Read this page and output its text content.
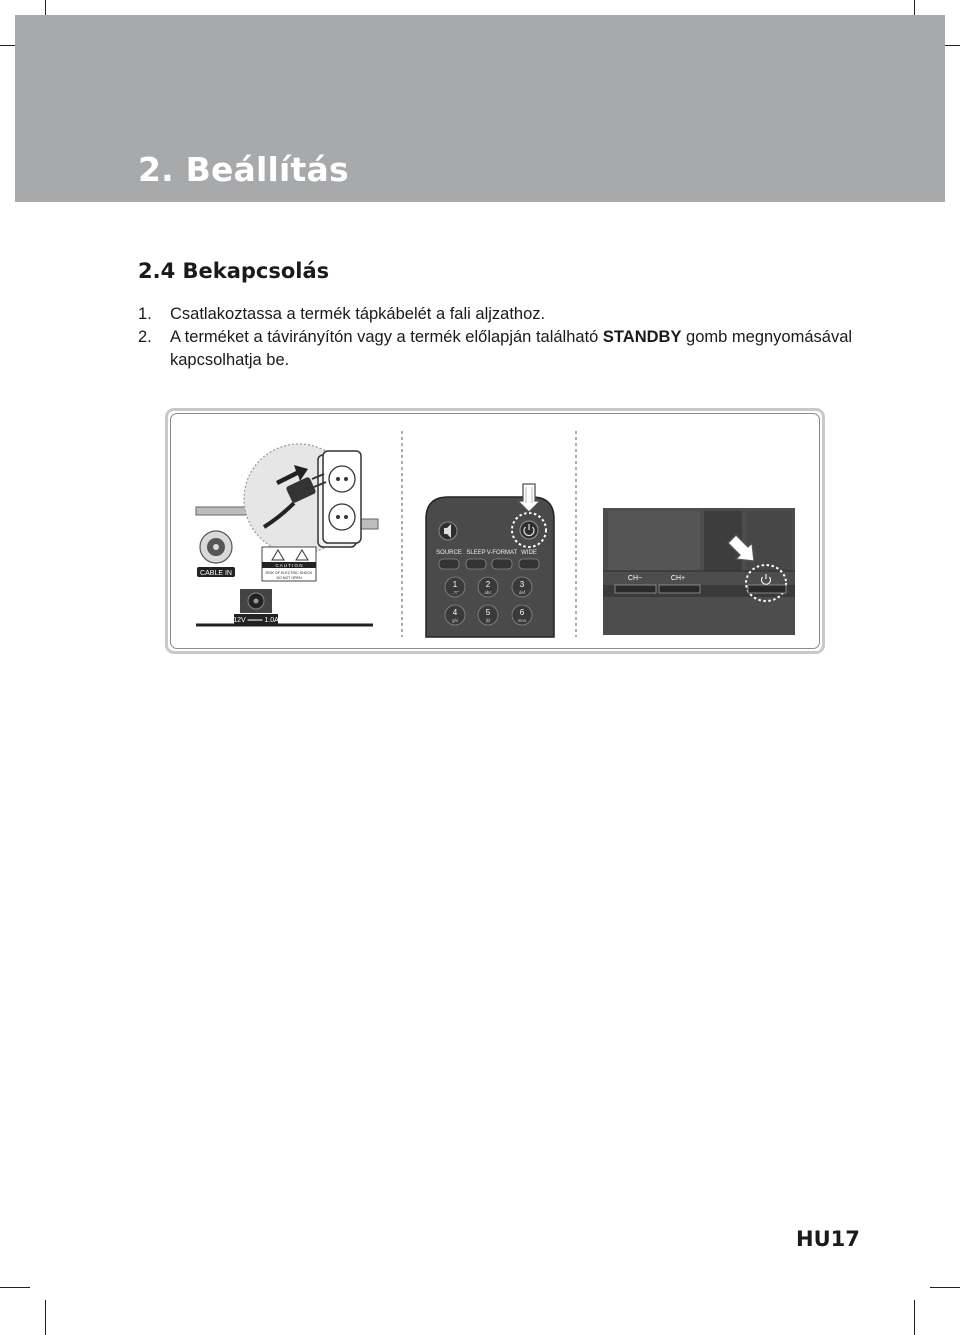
2. Beállítás
2.4 Bekapcsolás
1.	Csatlakoztassa a termék tápkábelét a fali aljzathoz.
2.	A terméket a távirányítón vagy a termék előlapján található STANDBY gomb megnyomásával kapcsolhatja be.
CABLE IN
C A U T I O N
RISK OF ELECTRIC SHOCK
DO NOT OPEN
12V ═══ 1.0A
SOURCE SLEEP V-FORMAT WIDE
1
.,?!"
2
abc
3
def
4
ghi
5
jkl
6
mno
CH−	CH+
HU17
